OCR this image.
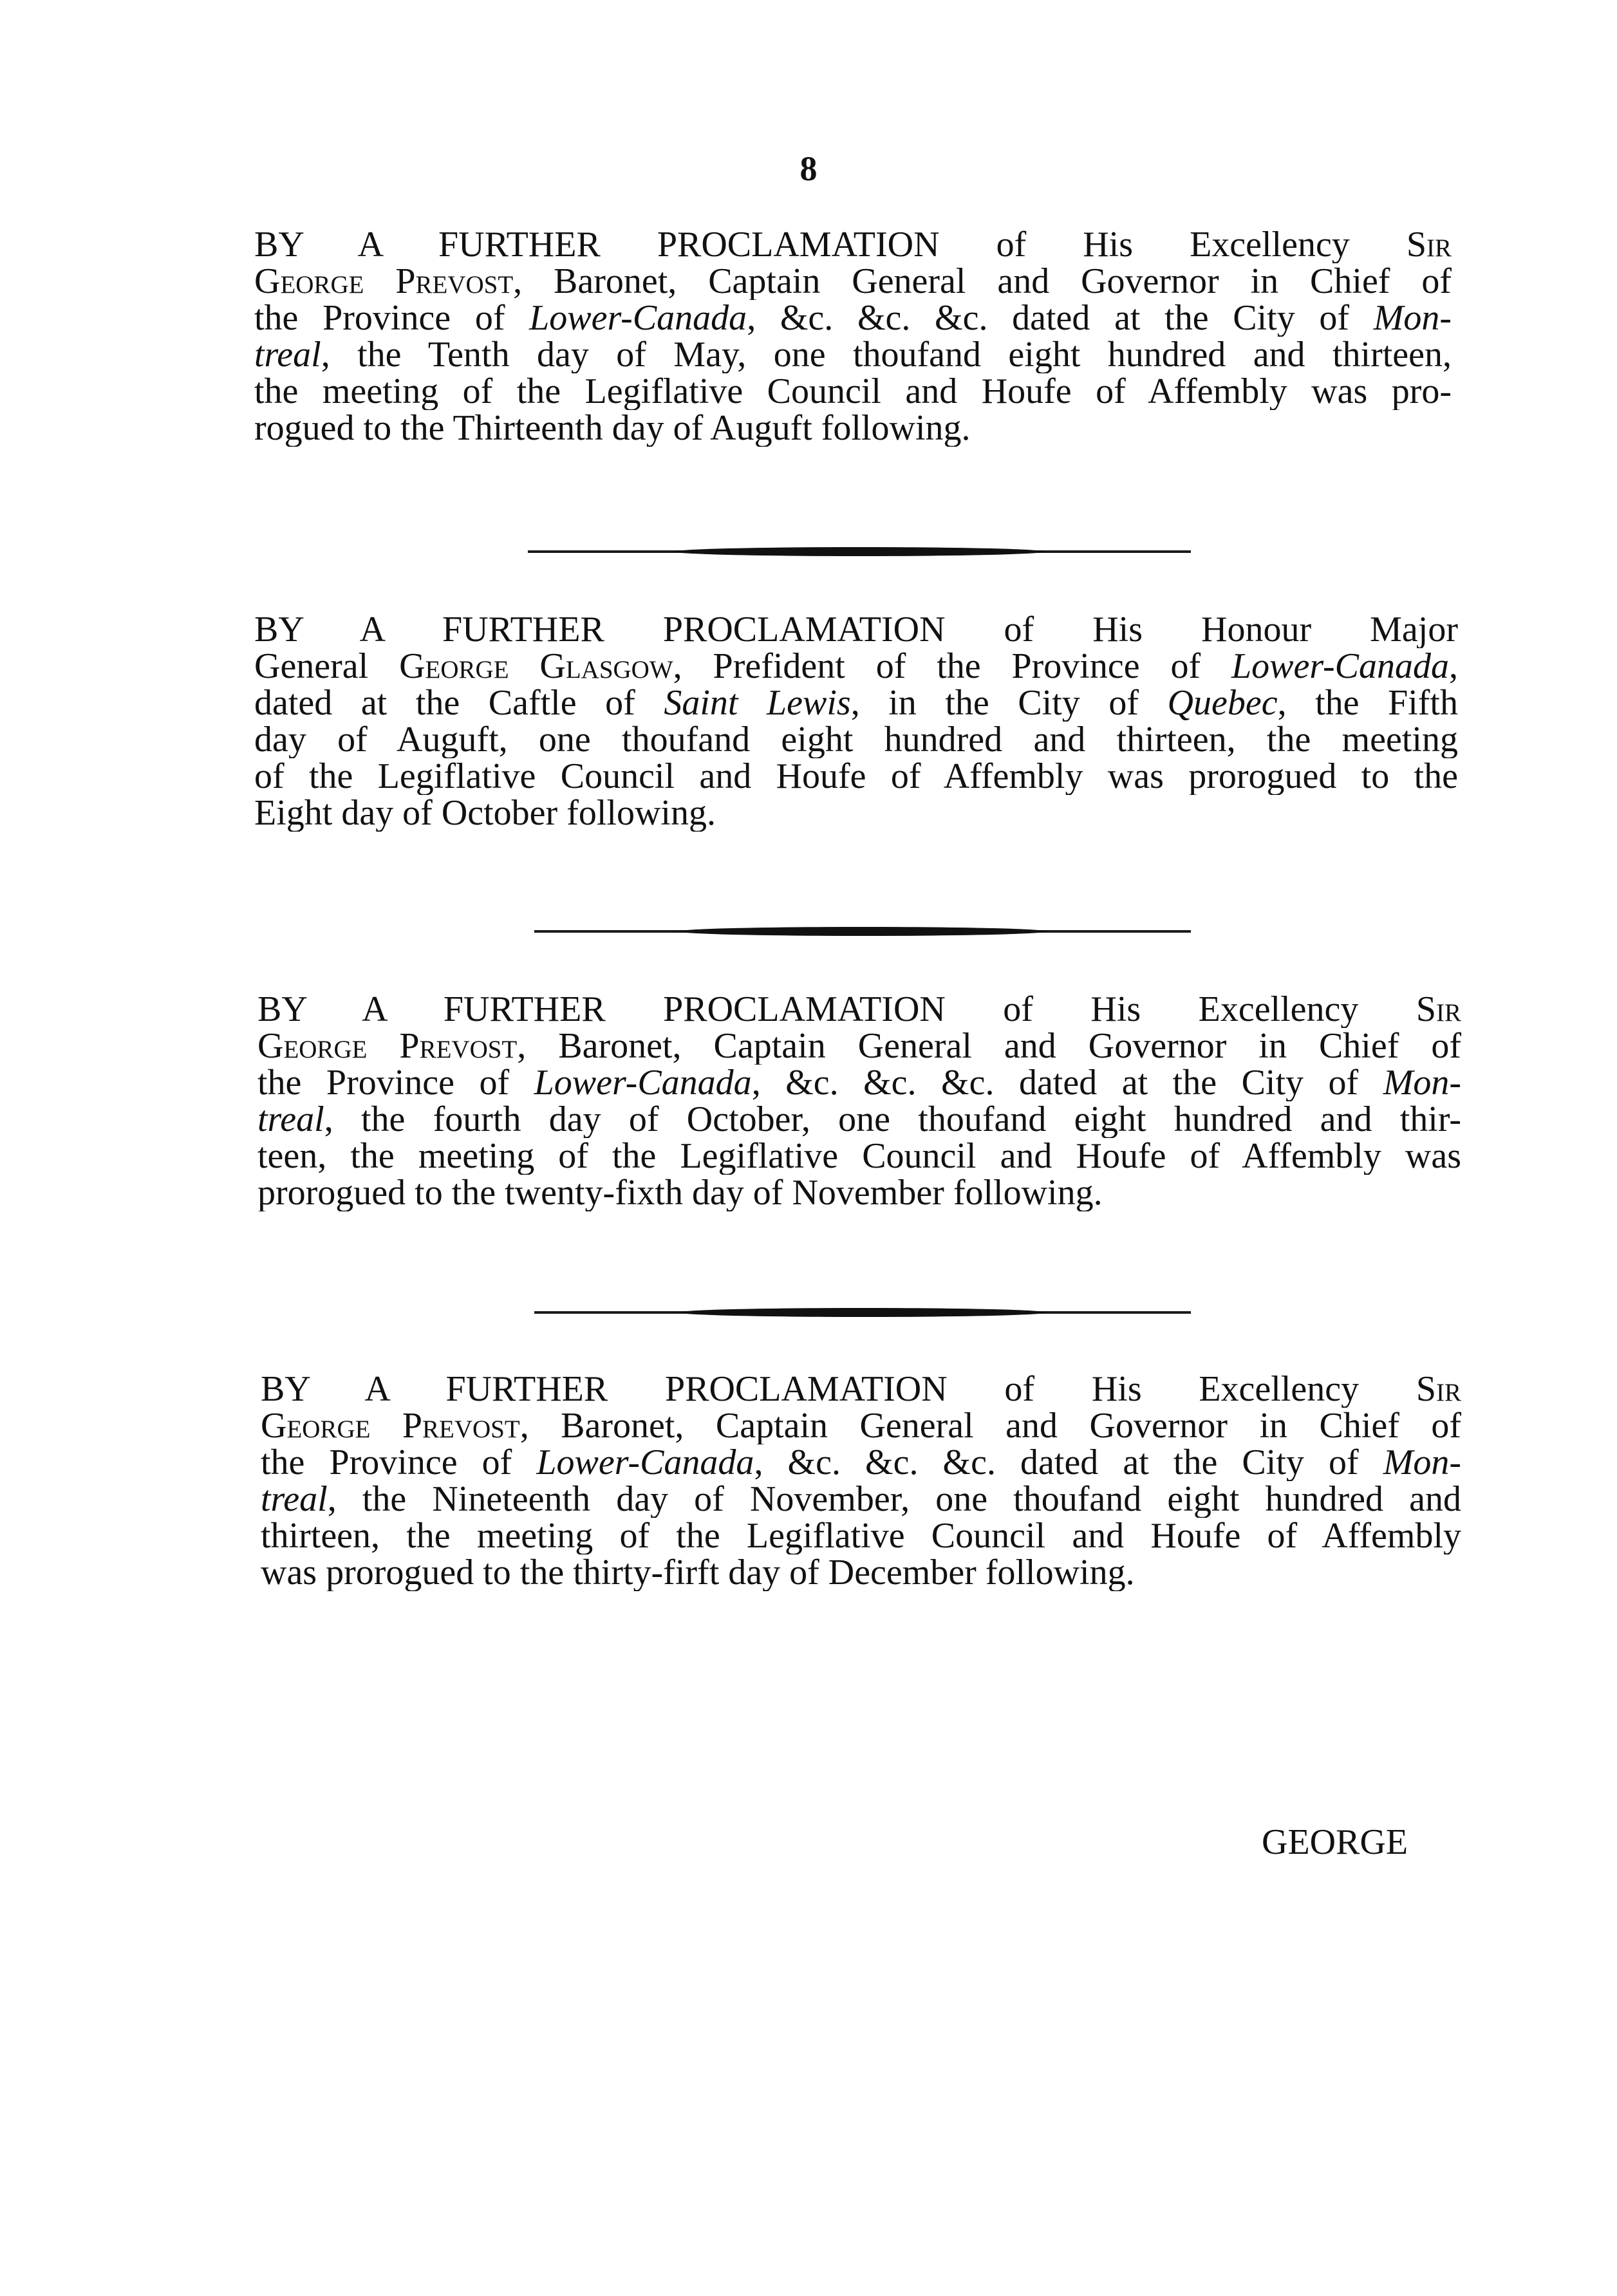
8
BY A FURTHER PROCLAMATION of His Excellency Sir
George Prevost, Baronet, Captain General and Governor in Chief of
the Province of Lower-Canada, &c. &c. &c. dated at the City of Mon-
treal, the Tenth day of May, one thoufand eight hundred and thirteen,
the meeting of the Legiflative Council and Houfe of Affembly was pro-
rogued to the Thirteenth day of Auguft following.
BY A FURTHER PROCLAMATION of His Honour Major
General George Glasgow, Prefident of the Province of Lower-Canada,
dated at the Caftle of Saint Lewis, in the City of Quebec, the Fifth
day of Auguft, one thoufand eight hundred and thirteen, the meeting
of the Legiflative Council and Houfe of Affembly was prorogued to the
Eight day of October following.
BY A FURTHER PROCLAMATION of His Excellency Sir
George Prevost, Baronet, Captain General and Governor in Chief of
the Province of Lower-Canada, &c. &c. &c. dated at the City of Mon-
treal, the fourth day of October, one thoufand eight hundred and thir-
teen, the meeting of the Legiflative Council and Houfe of Affembly was
prorogued to the twenty-fixth day of November following.
BY A FURTHER PROCLAMATION of His Excellency Sir
George Prevost, Baronet, Captain General and Governor in Chief of
the Province of Lower-Canada, &c. &c. &c. dated at the City of Mon-
treal, the Nineteenth day of November, one thoufand eight hundred and
thirteen, the meeting of the Legiflative Council and Houfe of Affembly
was prorogued to the thirty-firft day of December following.
GEORGE
